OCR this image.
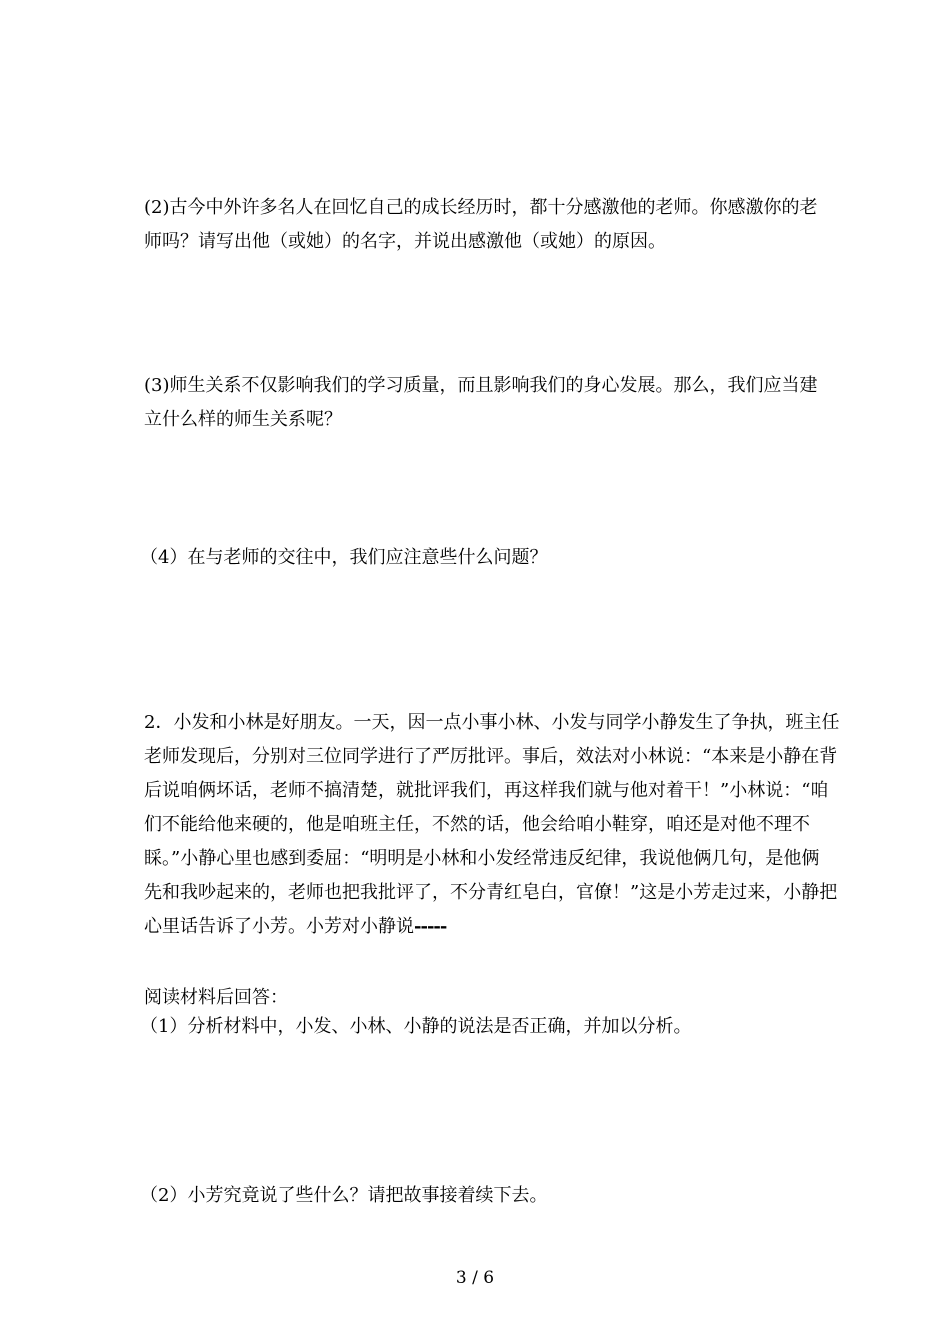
(2)古今中外许多名人在回忆自己的成长经历时，都十分感激他的老师。你感激你的老
师吗？请写出他（或她）的名字，并说出感激他（或她）的原因。
(3)师生关系不仅影响我们的学习质量，而且影响我们的身心发展。那么，我们应当建
立什么样的师生关系呢？

（4）在与老师的交往中，我们应注意些什么问题？

2．小发和小林是好朋友。一天，因一点小事小林、小发与同学小静发生了争执，班主任
老师发现后，分别对三位同学进行了严厉批评。事后，效法对小林说：“本来是小静在背
后说咱俩坏话，老师不搞清楚，就批评我们，再这样我们就与他对着干！”小林说：“咱
们不能给他来硬的，他是咱班主任，不然的话，他会给咱小鞋穿，咱还是对他不理不
睬。”小静心里也感到委屈：“明明是小林和小发经常违反纪律，我说他俩几句，是他俩
先和我吵起来的，老师也把我批评了，不分青红皂白，官僚！”这是小芳走过来，小静把
心里话告诉了小芳。小芳对小静说-----

阅读材料后回答：

（1）分析材料中，小发、小林、小静的说法是否正确，并加以分析。

（2）小芳究竟说了些什么？请把故事接着续下去。

3 / 6
